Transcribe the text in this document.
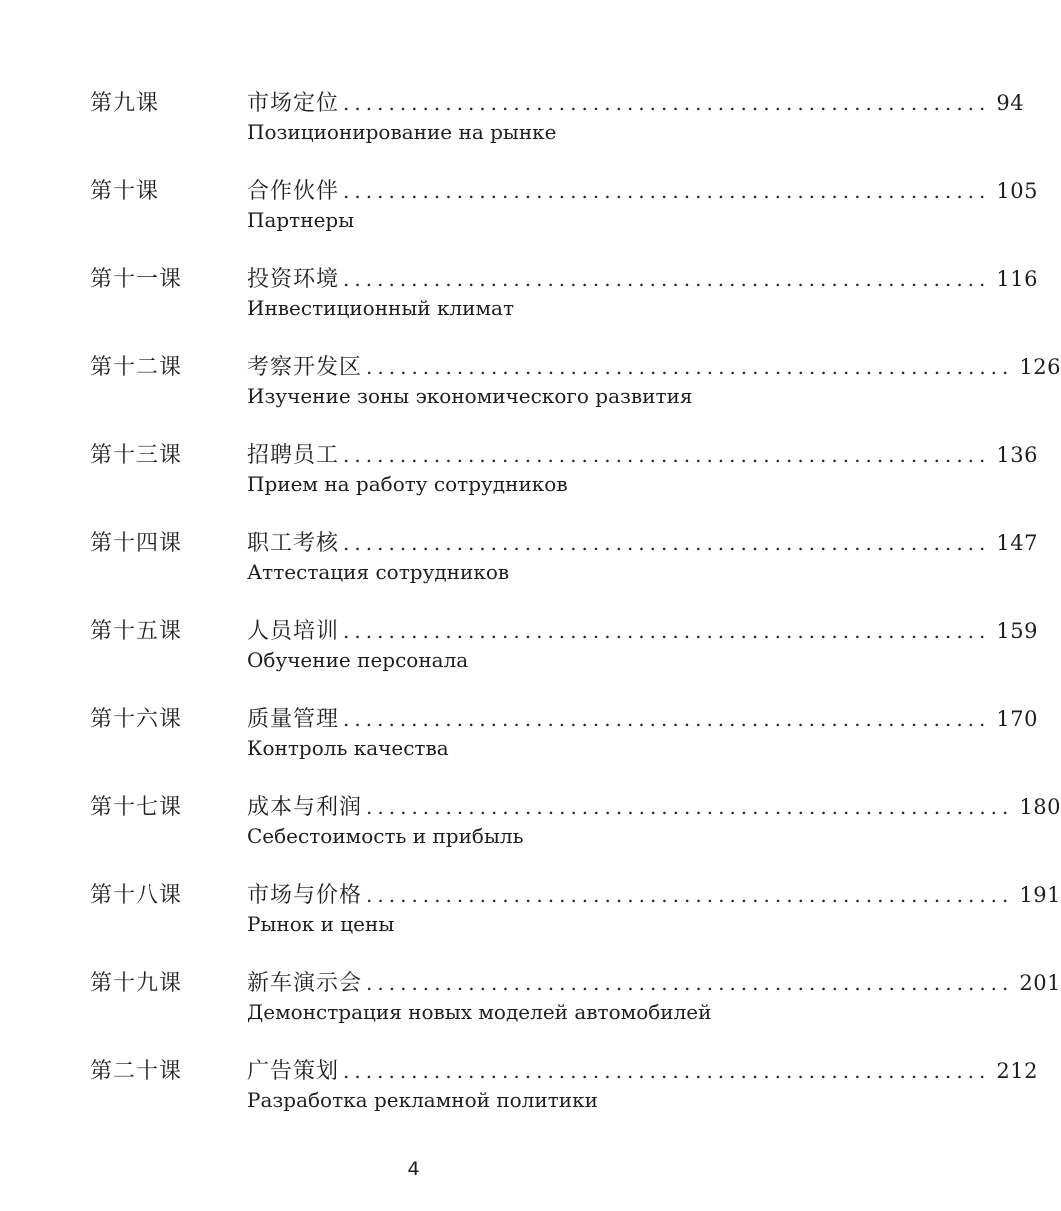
第九课	市场定位 ......................................................... 94
Позиционирование на рынке
第十课	合作伙伴 ......................................................... 105
Партнеры
第十一课	投资环境 ......................................................... 116
Инвестиционный климат
第十二课	考察开发区 ......................................................... 126
Изучение зоны экономического развития
第十三课	招聘员工 ......................................................... 136
Прием на работу сотрудников
第十四课	职工考核 ......................................................... 147
Аттестация сотрудников
第十五课	人员培训 ......................................................... 159
Обучение персонала
第十六课	质量管理 ......................................................... 170
Контроль качества
第十七课	成本与利润 ......................................................... 180
Себестоимость и прибыль
第十八课	市场与价格 ......................................................... 191
Рынок и цены
第十九课	新车演示会 ......................................................... 201
Демонстрация новых моделей автомобилей
第二十课	广告策划 ......................................................... 212
Разработка рекламной политики
4
